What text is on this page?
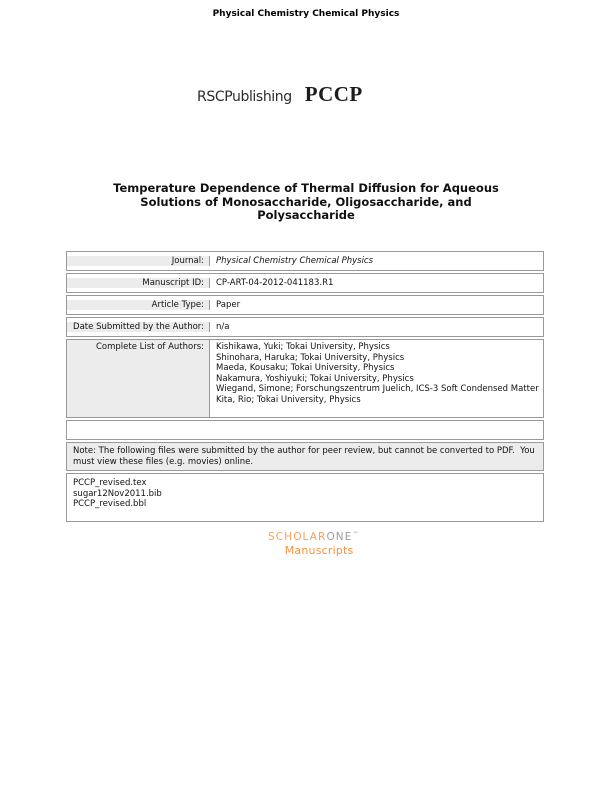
Physical Chemistry Chemical Physics
RSCPublishing PCCP
Temperature Dependence of Thermal Diffusion for Aqueous
Solutions of Monosaccharide, Oligosaccharide, and
Polysaccharide
Journal:	Physical Chemistry Chemical Physics
Manuscript ID:	CP-ART-04-2012-041183.R1
Article Type:	Paper
Date Submitted by the Author:	n/a
Complete List of Authors:	Kishikawa, Yuki; Tokai University, Physics
Shinohara, Haruka; Tokai University, Physics
Maeda, Kousaku; Tokai University, Physics
Nakamura, Yoshiyuki; Tokai University, Physics
Wiegand, Simone; Forschungszentrum Juelich, ICS-3 Soft Condensed Matter
Kita, Rio; Tokai University, Physics
Note: The following files were submitted by the author for peer review, but cannot be converted to PDF.  You must view these files (e.g. movies) online.
PCCP_revised.tex
sugar12Nov2011.bib
PCCP_revised.bbl
SCHOLARONE™
Manuscripts
